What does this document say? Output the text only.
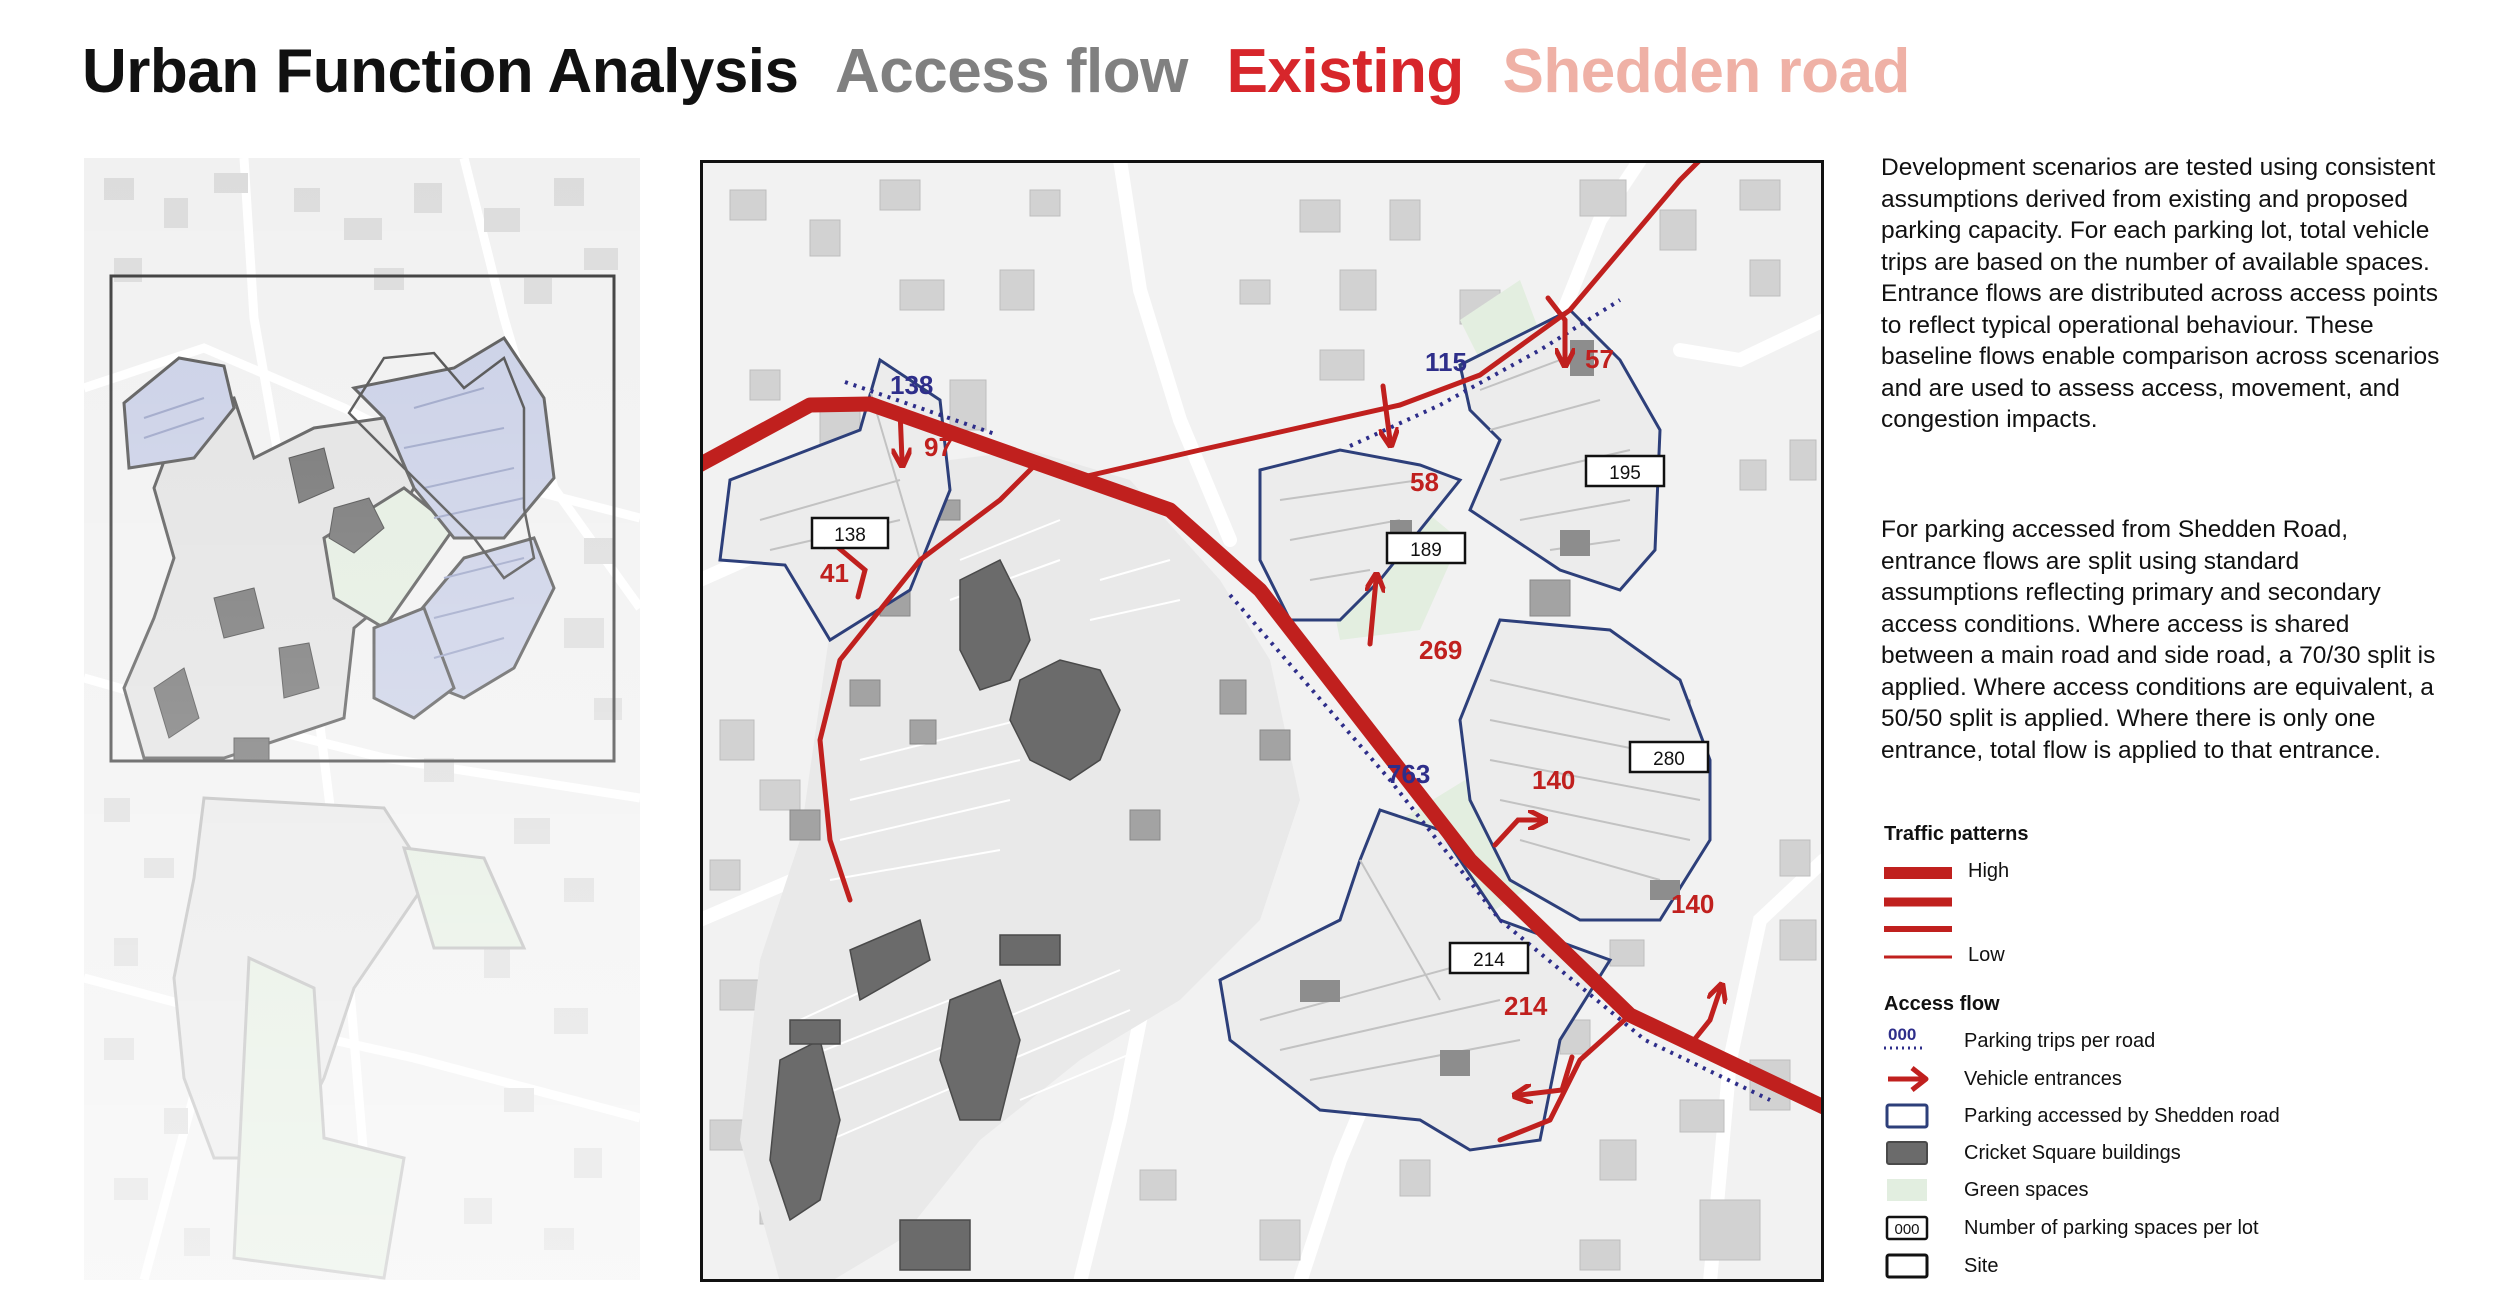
Urban Function Analysis Access flow Existing Shedden road
138
115
763
97
41
58
57
269
140
140
214
138
195
189
280
214

Development scenarios are tested using consistent assumptions derived from existing and proposed parking capacity. For each parking lot, total vehicle trips are based on the number of available spaces. Entrance flows are distributed across access points to reflect typical operational behaviour. These baseline flows enable comparison across scenarios and are used to assess access, movement, and congestion impacts.

For parking accessed from Shedden Road, entrance flows are split using standard assumptions reflecting primary and secondary access conditions. Where access is shared between a main road and side road, a 70/30 split is applied. Where access conditions are equivalent, a 50/50 split is applied. Where there is only one entrance, total flow is applied to that entrance.

Traffic patterns
High
Low
Access flow
000 Parking trips per road
Vehicle entrances
Parking accessed by Shedden road
Cricket Square buildings
Green spaces
000 Number of parking spaces per lot
Site
